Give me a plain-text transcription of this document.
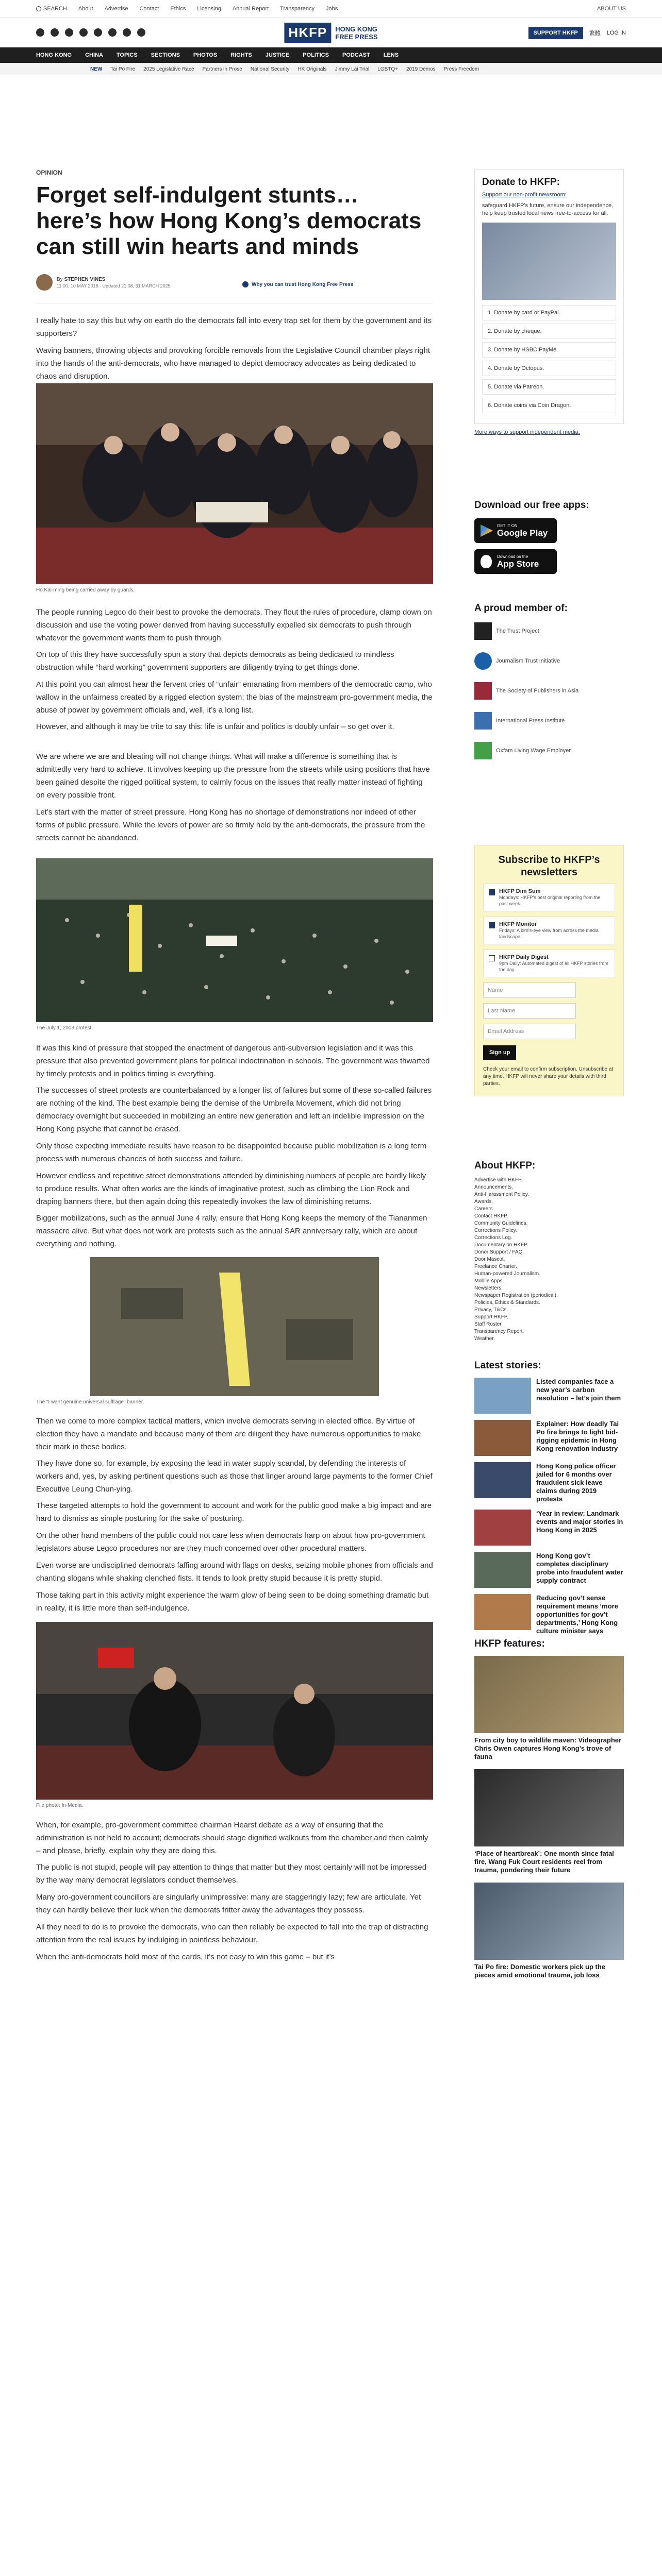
SEARCH About Advertise Contact Ethics Licensing Annual Report Transparency Jobs	ABOUT US
HKFP	HONG KONG
FREE PRESS	SUPPORT HKFP	繁體 LOG IN
HONG KONG CHINA TOPICS SECTIONS PHOTOS RIGHTS JUSTICE POLITICS PODCAST LENS
NEW Tai Po Fire 2025 Legislative Race Partners in Prose National Security HK Originals Jimmy Lai Trial LGBTQ+ 2019 Demos Press Freedom
OPINION
Forget self-indulgent stunts… here’s how Hong Kong’s democrats can still win hearts and minds
By STEPHEN VINES
11:00, 10 MAY 2018 · Updated 21:08, 31 MARCH 2025	Why you can trust Hong Kong Free Press

I really hate to say this but why on earth do the democrats fall into every trap set for them by the government and its supporters?

Waving banners, throwing objects and provoking forcible removals from the Legislative Council chamber plays right into the hands of the anti-democrats, who have managed to depict democracy advocates as being dedicated to chaos and disruption.

Ho Kai-ming being carried away by guards.

The people running Legco do their best to provoke the democrats. They flout the rules of procedure, clamp down on discussion and use the voting power derived from having successfully expelled six democrats to push through whatever the government wants them to push through.

On top of this they have successfully spun a story that depicts democrats as being dedicated to mindless obstruction while “hard working” government supporters are diligently trying to get things done.

At this point you can almost hear the fervent cries of “unfair” emanating from members of the democratic camp, who wallow in the unfairness created by a rigged election system; the bias of the mainstream pro-government media, the abuse of power by government officials and, well, it’s a long list.

However, and although it may be trite to say this: life is unfair and politics is doubly unfair – so get over it.

We are where we are and bleating will not change things. What will make a difference is something that is admittedly very hard to achieve. It involves keeping up the pressure from the streets while using positions that have been gained despite the rigged political system, to calmly focus on the issues that really matter instead of fighting on every possible front.

Let’s start with the matter of street pressure. Hong Kong has no shortage of demonstrations nor indeed of other forms of public pressure. While the levers of power are so firmly held by the anti-democrats, the pressure from the streets cannot be abandoned.

The July 1, 2003 protest.

It was this kind of pressure that stopped the enactment of dangerous anti-subversion legislation and it was this pressure that also prevented government plans for political indoctrination in schools. The government was thwarted by timely protests and in politics timing is everything.

The successes of street protests are counterbalanced by a longer list of failures but some of these so-called failures are nothing of the kind. The best example being the demise of the Umbrella Movement, which did not bring democracy overnight but succeeded in mobilizing an entire new generation and left an indelible impression on the Hong Kong psyche that cannot be erased.

Only those expecting immediate results have reason to be disappointed because public mobilization is a long term process with numerous chances of both success and failure.

However endless and repetitive street demonstrations attended by diminishing numbers of people are hardly likely to produce results. What often works are the kinds of imaginative protest, such as climbing the Lion Rock and draping banners there, but then again doing this repeatedly invokes the law of diminishing returns.

Bigger mobilizations, such as the annual June 4 rally, ensure that Hong Kong keeps the memory of the Tiananmen massacre alive. But what does not work are protests such as the annual SAR anniversary rally, which are about everything and nothing.

The “I want genuine universal suffrage” banner.

Then we come to more complex tactical matters, which involve democrats serving in elected office. By virtue of election they have a mandate and because many of them are diligent they have numerous opportunities to make their mark in these bodies.

They have done so, for example, by exposing the lead in water supply scandal, by defending the interests of workers and, yes, by asking pertinent questions such as those that linger around large payments to the former Chief Executive Leung Chun-ying.

These targeted attempts to hold the government to account and work for the public good make a big impact and are hard to dismiss as simple posturing for the sake of posturing.

On the other hand members of the public could not care less when democrats harp on about how pro-government legislators abuse Legco procedures nor are they much concerned over other procedural matters.

Even worse are undisciplined democrats faffing around with flags on desks, seizing mobile phones from officials and chanting slogans while shaking clenched fists. It tends to look pretty stupid because it is pretty stupid.

Those taking part in this activity might experience the warm glow of being seen to be doing something dramatic but in reality, it is little more than self-indulgence.

File photo: In-Media.

When, for example, pro-government committee chairman Hearst debate as a way of ensuring that the administration is not held to account; democrats should stage dignified walkouts from the chamber and then calmly – and please, briefly, explain why they are doing this.

The public is not stupid, people will pay attention to things that matter but they most certainly will not be impressed by the way many democrat legislators conduct themselves.

Many pro-government councillors are singularly unimpressive: many are staggeringly lazy; few are articulate. Yet they can hardly believe their luck when the democrats fritter away the advantages they possess.

All they need to do is to provoke the democrats, who can then reliably be expected to fall into the trap of distracting attention from the real issues by indulging in pointless behaviour.

When the anti-democrats hold most of the cards, it’s not easy to win this game – but it’s

Donate to HKFP:
Support our non-profit newsroom:
safeguard HKFP’s future, ensure our independence, help keep trusted local news free-to-access for all.
1. Donate by card or PayPal.
2. Donate by cheque.
3. Donate by HSBC PayMe.
4. Donate by Octopus.
5. Donate via Patreon.
6. Donate coins via Coin Dragon.
More ways to support independent media.
Download our free apps:
GET IT ON
Google Play
Download on the
App Store
A proud member of:
The Trust Project
Journalism Trust Initiative
The Society of Publishers in Asia
International Press Institute
Oxfam Living Wage Employer
Subscribe to HKFP’s newsletters
HKFP Dim Sum
Mondays: HKFP’s best original reporting from the past week.
HKFP Monitor
Fridays: A bird’s-eye view from across the media landscape.
HKFP Daily Digest
9pm Daily: Automated digest of all HKFP stories from the day.
Name
Last Name
Email Address
Sign up
Check your email to confirm subscription. Unsubscribe at any time. HKFP will never share your details with third parties.
About HKFP:
Advertise with HKFP.
Announcements.
Anti-Harassment Policy.
Awards.
Careers.
Contact HKFP.
Community Guidelines.
Corrections Policy.
Corrections Log.
Documentary on HKFP.
Donor Support / FAQ.
Door Mascot.
Freelance Charter.
Human-powered Journalism.
Mobile Apps.
Newsletters.
Newspaper Registration (periodical).
Policies, Ethics & Standards.
Privacy, T&Cs.
Support HKFP.
Staff Roster.
Transparency Report.
Weather.
Latest stories:
Listed companies face a new year’s carbon resolution – let’s join them
Explainer: How deadly Tai Po fire brings to light bid-rigging epidemic in Hong Kong renovation industry
Hong Kong police officer jailed for 6 months over fraudulent sick leave claims during 2019 protests
‘Year in review: Landmark events and major stories in Hong Kong in 2025
Hong Kong gov’t completes disciplinary probe into fraudulent water supply contract
Reducing gov’t sense requirement means ‘more opportunities for gov’t departments,’ Hong Kong culture minister says
HKFP features:
From city boy to wildlife maven: Videographer Chris Owen captures Hong Kong’s trove of fauna
‘Place of heartbreak’: One month since fatal fire, Wang Fuk Court residents reel from trauma, pondering their future
Tai Po fire: Domestic workers pick up the pieces amid emotional trauma, job loss
